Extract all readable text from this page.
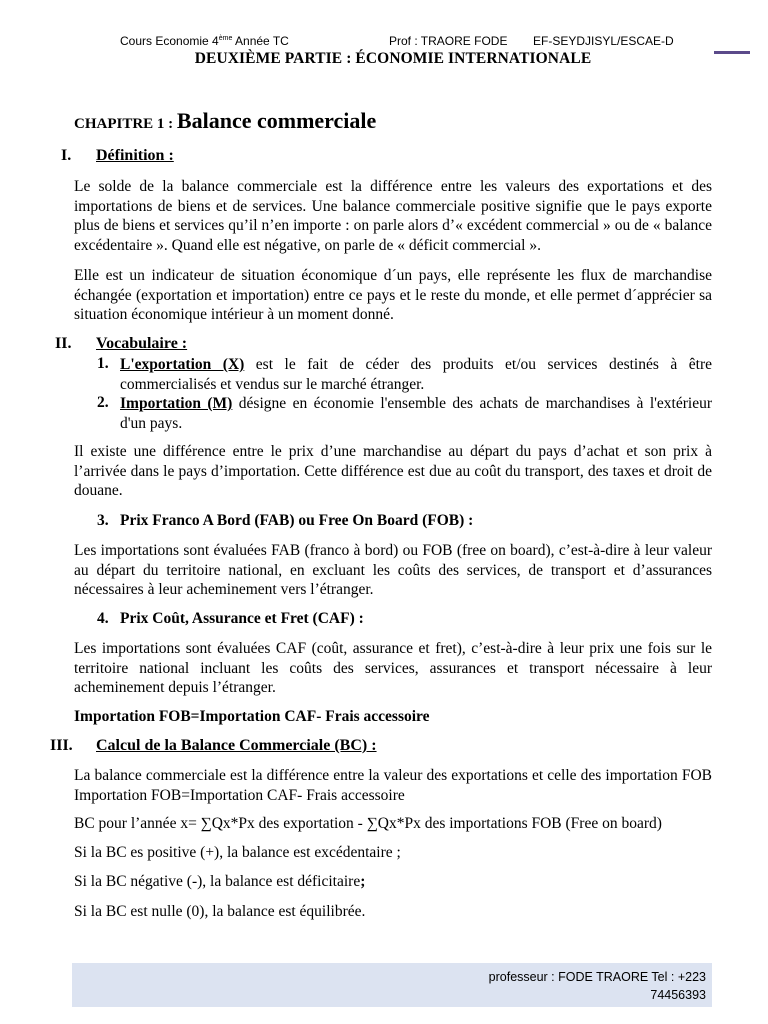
Cours Economie 4ème Année TC	Prof : TRAORE FODE EF-SEYDJISYL/ESCAE-D
DEUXIÈME PARTIE : ÉCONOMIE INTERNATIONALE
CHAPITRE 1 : Balance commerciale
I. Définition :

Le solde de la balance commerciale est la différence entre les valeurs des exportations et des importations de biens et de services. Une balance commerciale positive signifie que le pays exporte plus de biens et services qu’il n’en importe : on parle alors d’« excédent commercial » ou de « balance excédentaire ». Quand elle est négative, on parle de « déficit commercial ».

Elle est un indicateur de situation économique d´un pays, elle représente les flux de marchandise échangée (exportation et importation) entre ce pays et le reste du monde, et elle permet d´apprécier sa situation économique intérieur à un moment donné.

II. Vocabulaire :
1. L'exportation (X) est le fait de céder des produits et/ou services destinés à être commercialisés et vendus sur le marché étranger.

2. Importation (M) désigne en économie l'ensemble des achats de marchandises à l'extérieur d'un pays.

Il existe une différence entre le prix d’une marchandise au départ du pays d’achat et son prix à l’arrivée dans le pays d’importation. Cette différence est due au coût du transport, des taxes et droit de douane.

3. Prix Franco A Bord (FAB) ou Free On Board (FOB) :

Les importations sont évaluées FAB (franco à bord) ou FOB (free on board), c’est-à-dire à leur valeur au départ du territoire national, en excluant les coûts des services, de transport et d’assurances nécessaires à leur acheminement vers l’étranger.

4. Prix Coût, Assurance et Fret (CAF) :

Les importations sont évaluées CAF (coût, assurance et fret), c’est-à-dire à leur prix une fois sur le territoire national incluant les coûts des services, assurances et transport nécessaire à leur acheminement depuis l’étranger.

Importation FOB=Importation CAF- Frais accessoire
III. Calcul de la Balance Commerciale (BC) :

La balance commerciale est la différence entre la valeur des exportations et celle des importation FOB Importation FOB=Importation CAF- Frais accessoire

BC pour l’année x= ∑Qx*Px des exportation - ∑Qx*Px des importations FOB (Free on board)
Si la BC es positive (+), la balance est excédentaire ;
Si la BC négative (-), la balance est déficitaire;
Si la BC est nulle (0), la balance est équilibrée.
professeur : FODE TRAORE Tel : +223 74456393
